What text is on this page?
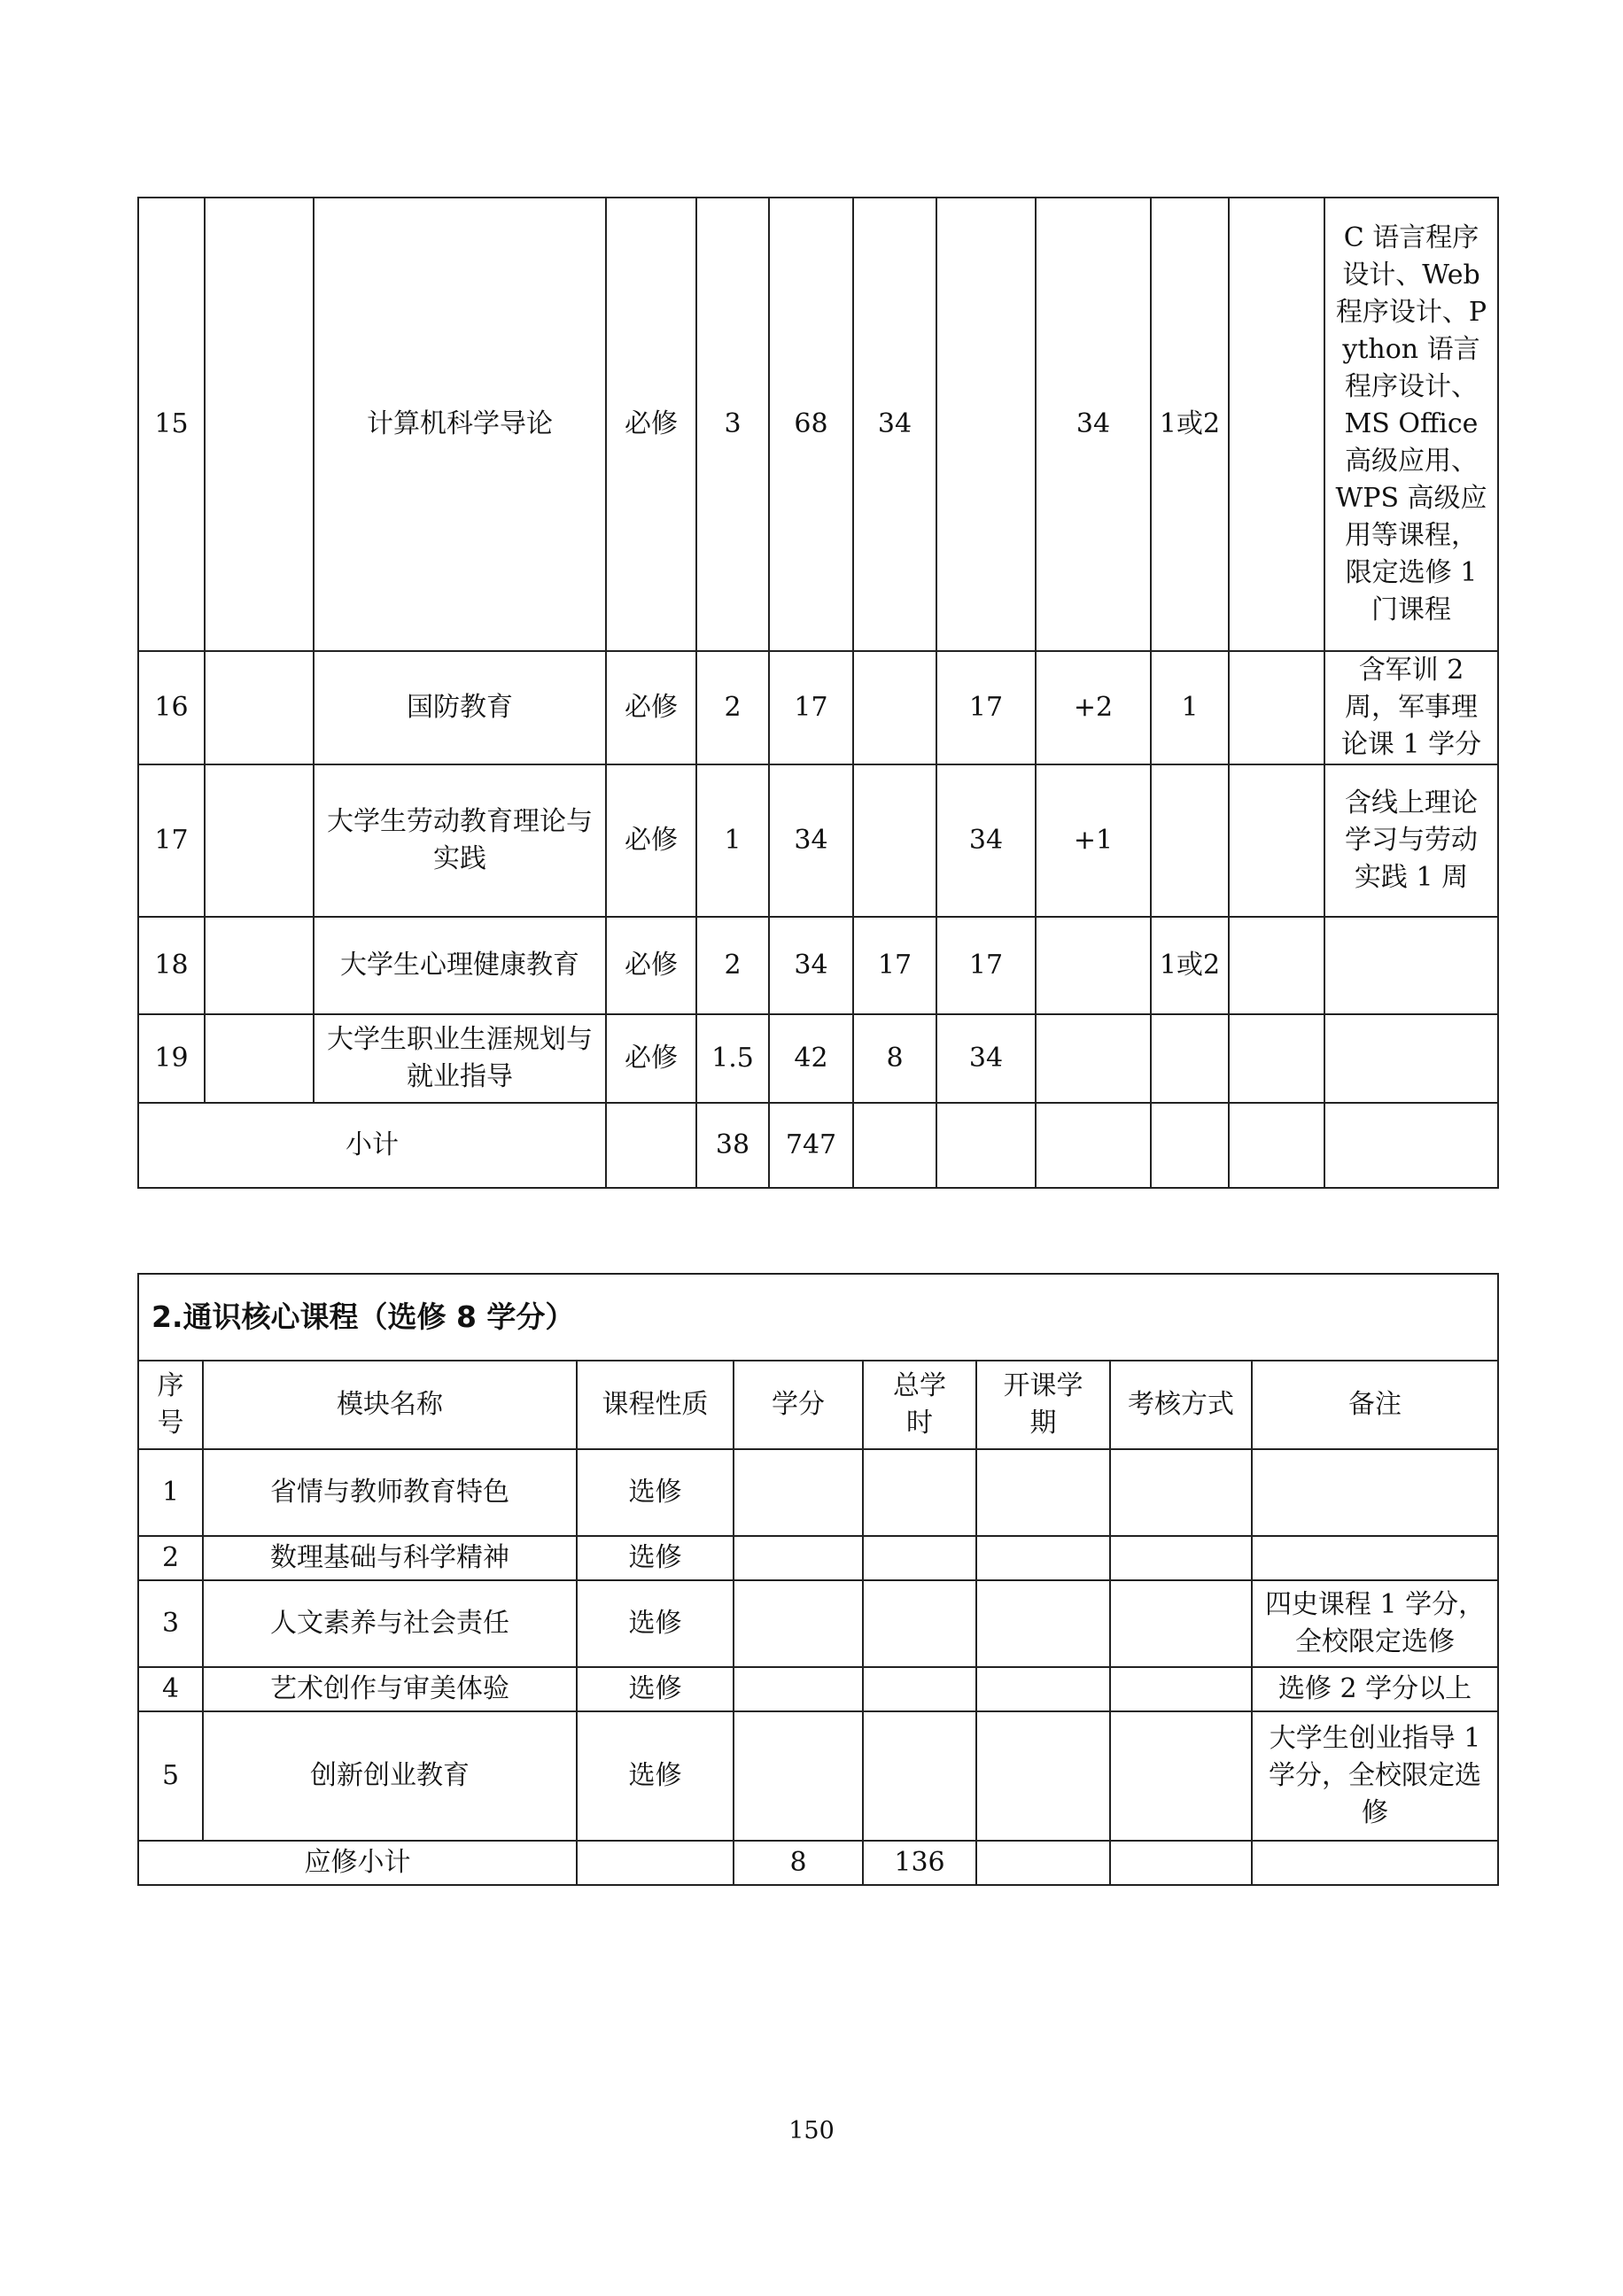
15		计算机科学导论	必修	3	68	34		34	1或2		C 语言程序设计、Web 程序设计、Python 语言程序设计、MS Office 高级应用、WPS 高级应用等课程，限定选修 1 门课程
16		国防教育	必修	2	17		17	+2	1		含军训 2 周，军事理论课 1 学分
17		大学生劳动教育理论与实践	必修	1	34		34	+1			含线上理论学习与劳动实践 1 周
18		大学生心理健康教育	必修	2	34	17	17		1或2		
19		大学生职业生涯规划与就业指导	必修	1.5	42	8	34				
小计				38	747						
2.通识核心课程（选修 8 学分）							
序号	模块名称	课程性质	学分	总学时	开课学期	考核方式	备注
1	省情与教师教育特色	选修					
2	数理基础与科学精神	选修					
3	人文素养与社会责任	选修					四史课程 1 学分，全校限定选修
4	艺术创作与审美体验	选修					选修 2 学分以上
5	创新创业教育	选修					大学生创业指导 1 学分，全校限定选修
应修小计			8	136			
150
